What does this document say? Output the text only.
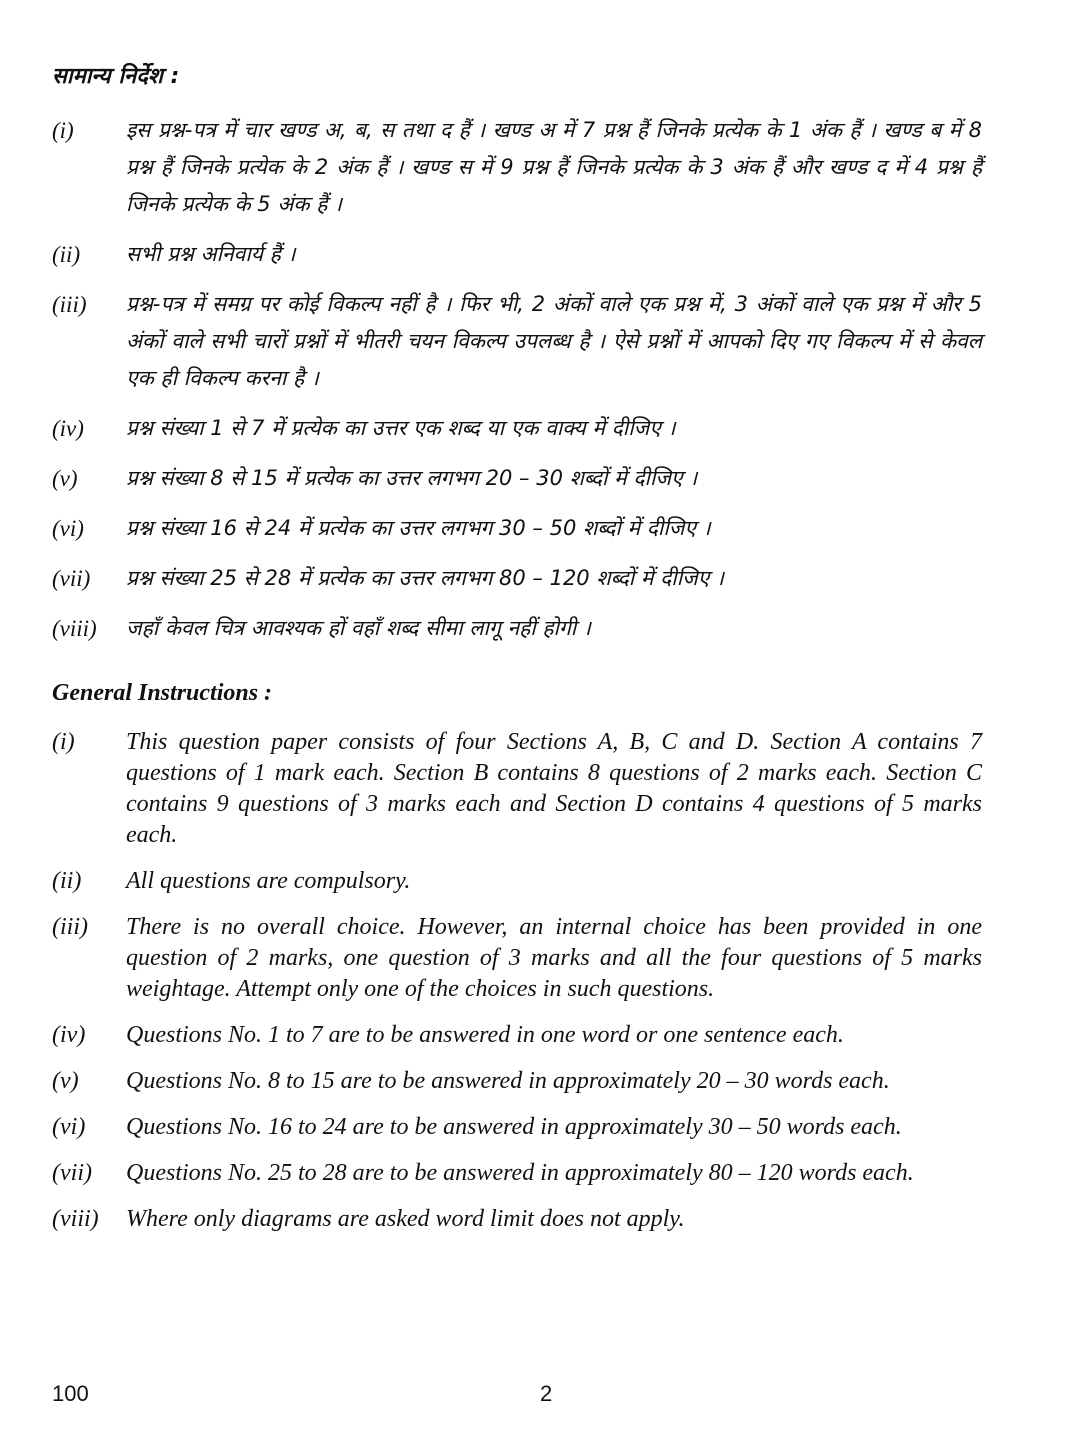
सामान्य निर्देश :
(i)	इस प्रश्न-पत्र में चार खण्ड अ, ब, स तथा द हैं । खण्ड अ में 7 प्रश्न हैं जिनके प्रत्येक के 1 अंक हैं । खण्ड ब में 8 प्रश्न हैं जिनके प्रत्येक के 2 अंक हैं । खण्ड स में 9 प्रश्न हैं जिनके प्रत्येक के 3 अंक हैं और खण्ड द में 4 प्रश्न हैं जिनके प्रत्येक के 5 अंक हैं ।
(ii)	सभी प्रश्न अनिवार्य हैं ।
(iii)	प्रश्न-पत्र में समग्र पर कोई विकल्प नहीं है । फिर भी, 2 अंकों वाले एक प्रश्न में, 3 अंकों वाले एक प्रश्न में और 5 अंकों वाले सभी चारों प्रश्नों में भीतरी चयन विकल्प उपलब्ध है । ऐसे प्रश्नों में आपको दिए गए विकल्प में से केवल एक ही विकल्प करना है ।
(iv)	प्रश्न संख्या 1 से 7 में प्रत्येक का उत्तर एक शब्द या एक वाक्य में दीजिए ।
(v)	प्रश्न संख्या 8 से 15 में प्रत्येक का उत्तर लगभग 20 – 30 शब्दों में दीजिए ।
(vi)	प्रश्न संख्या 16 से 24 में प्रत्येक का उत्तर लगभग 30 – 50 शब्दों में दीजिए ।
(vii)	प्रश्न संख्या 25 से 28 में प्रत्येक का उत्तर लगभग 80 – 120 शब्दों में दीजिए ।
(viii)	जहाँ केवल चित्र आवश्यक हों वहाँ शब्द सीमा लागू नहीं होगी ।
General Instructions :
(i)	This question paper consists of four Sections A, B, C and D. Section A contains 7 questions of 1 mark each. Section B contains 8 questions of 2 marks each. Section C contains 9 questions of 3 marks each and Section D contains 4 questions of 5 marks each.
(ii)	All questions are compulsory.
(iii)	There is no overall choice. However, an internal choice has been provided in one question of 2 marks, one question of 3 marks and all the four questions of 5 marks weightage. Attempt only one of the choices in such questions.
(iv)	Questions No. 1 to 7 are to be answered in one word or one sentence each.
(v)	Questions No. 8 to 15 are to be answered in approximately 20 – 30 words each.
(vi)	Questions No. 16 to 24 are to be answered in approximately 30 – 50 words each.
(vii)	Questions No. 25 to 28 are to be answered in approximately 80 – 120 words each.
(viii)	Where only diagrams are asked word limit does not apply.
100	2
